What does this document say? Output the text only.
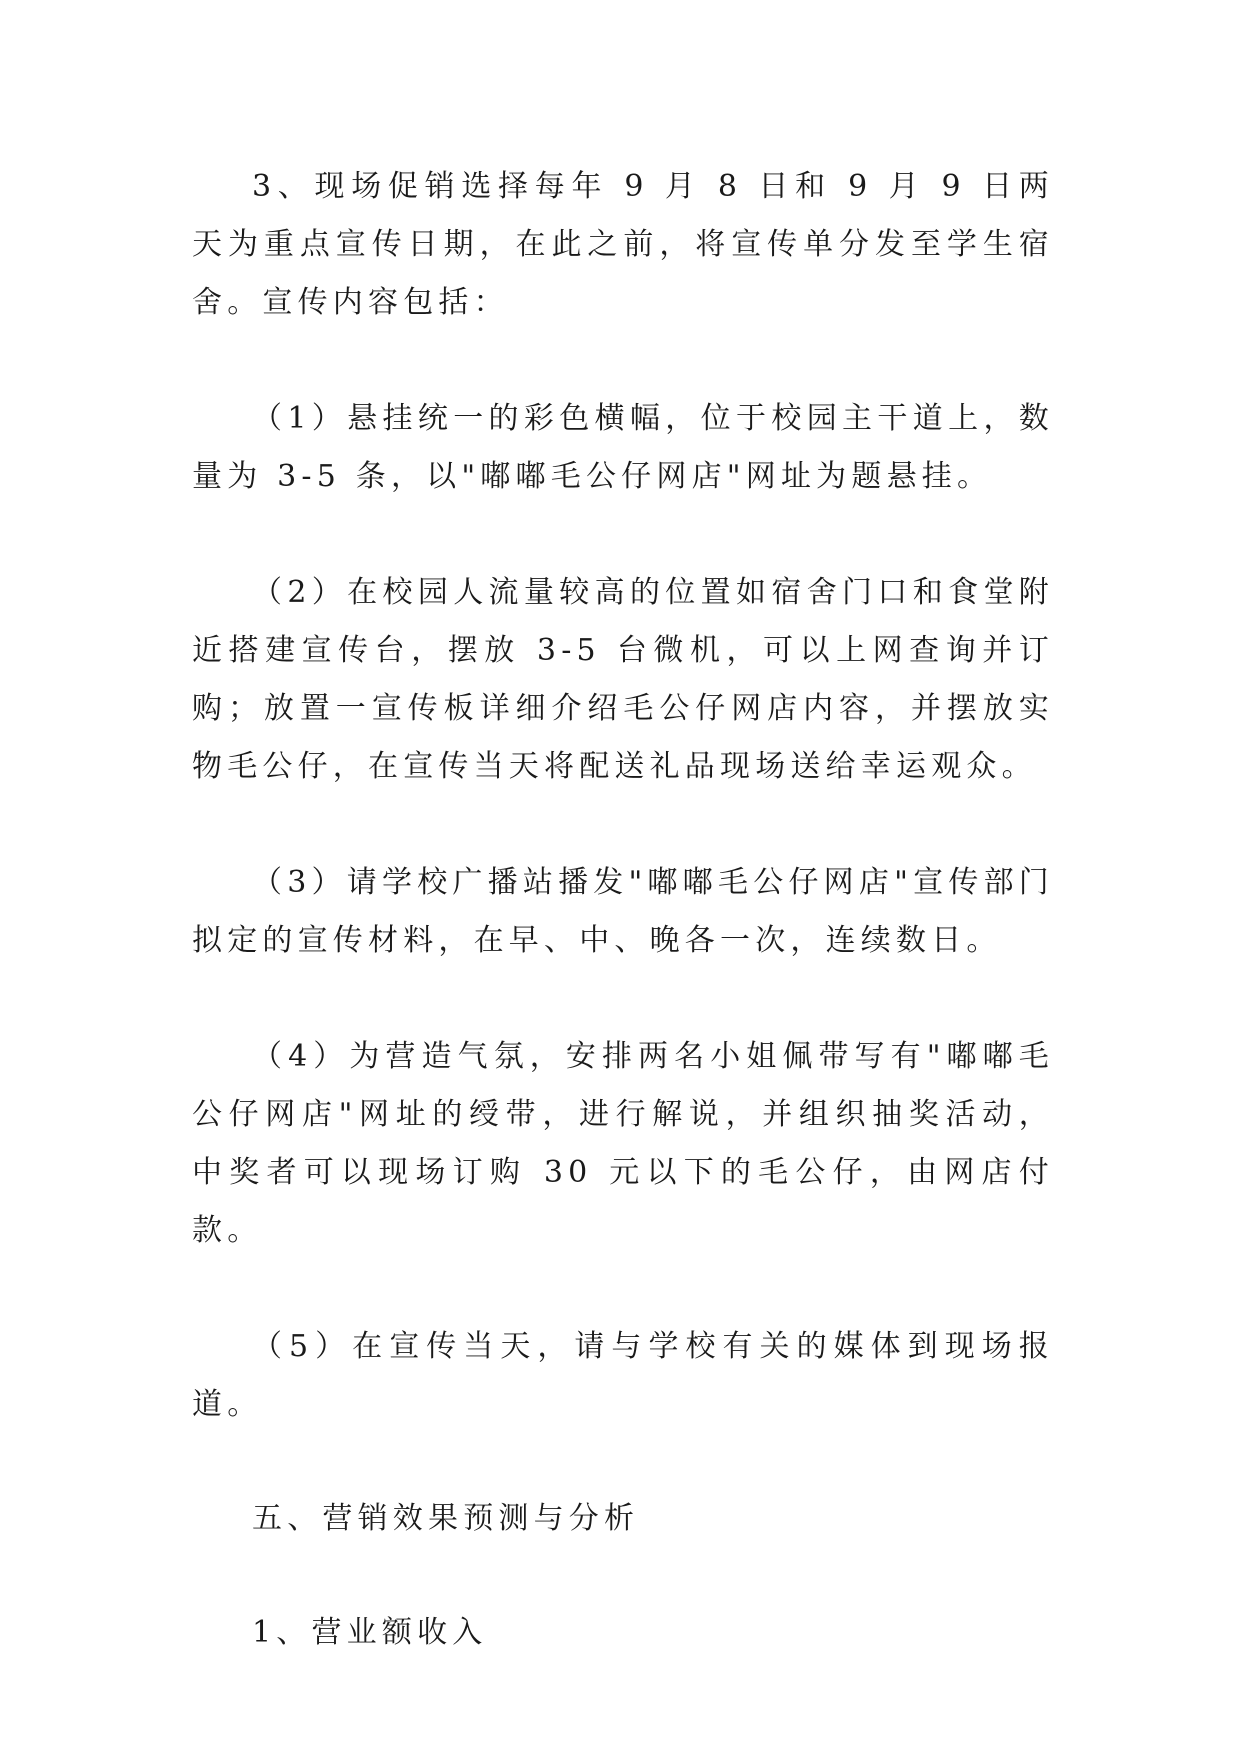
3、现场促销选择每年 9 月 8 日和 9 月 9 日两天为重点宣传日期，在此之前，将宣传单分发至学生宿舍。宣传内容包括：

（1）悬挂统一的彩色横幅，位于校园主干道上，数量为 3-5 条，以"嘟嘟毛公仔网店"网址为题悬挂。

（2）在校园人流量较高的位置如宿舍门口和食堂附近搭建宣传台，摆放 3-5 台微机，可以上网查询并订购；放置一宣传板详细介绍毛公仔网店内容，并摆放实物毛公仔，在宣传当天将配送礼品现场送给幸运观众。

（3）请学校广播站播发"嘟嘟毛公仔网店"宣传部门拟定的宣传材料，在早、中、晚各一次，连续数日。

（4）为营造气氛，安排两名小姐佩带写有"嘟嘟毛公仔网店"网址的绶带，进行解说，并组织抽奖活动，中奖者可以现场订购 30 元以下的毛公仔，由网店付款。

（5）在宣传当天，请与学校有关的媒体到现场报道。

五、营销效果预测与分析

1、营业额收入
